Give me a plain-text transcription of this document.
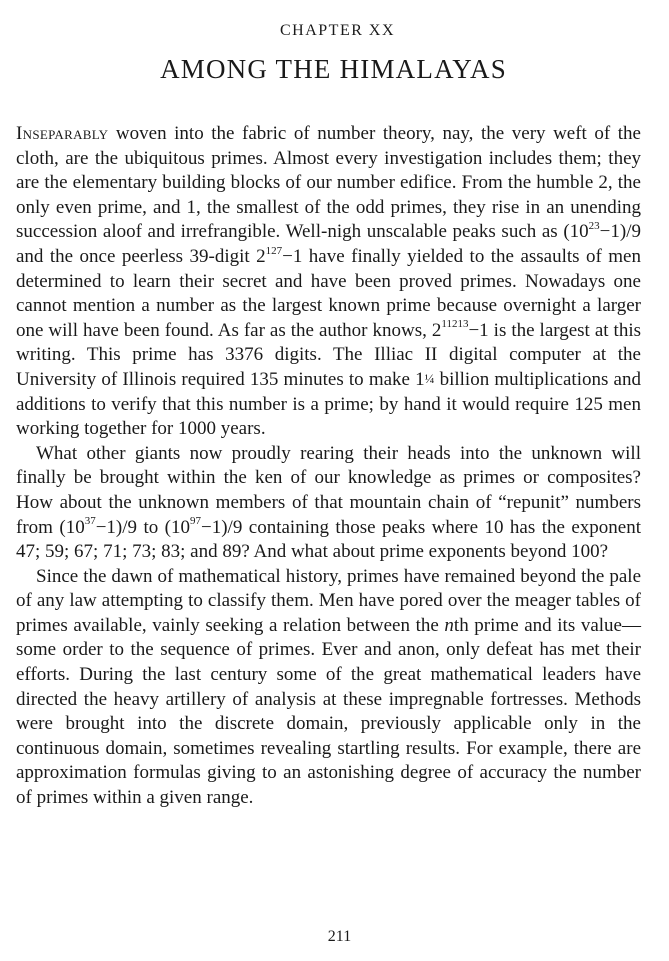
CHAPTER XX
AMONG THE HIMALAYAS

Inseparably woven into the fabric of number theory, nay, the very weft of the cloth, are the ubiquitous primes. Almost every investigation includes them; they are the elementary building blocks of our number edifice. From the humble 2, the only even prime, and 1, the smallest of the odd primes, they rise in an unending succession aloof and irrefrangible. Well-nigh unscalable peaks such as $(10^{23}-1)/9$ and the once peerless 39-digit $2^{127}-1$ have finally yielded to the assaults of men determined to learn their secret and have been proved primes. Nowadays one cannot mention a number as the largest known prime because overnight a larger one will have been found. As far as the author knows, $2^{11213}-1$ is the largest at this writing. This prime has 3376 digits. The Illiac II digital computer at the University of Illinois required 135 minutes to make 1¼ billion multiplications and additions to verify that this number is a prime; by hand it would require 125 men working together for 1000 years.

What other giants now proudly rearing their heads into the unknown will finally be brought within the ken of our knowledge as primes or composites? How about the unknown members of that mountain chain of “repunit” numbers from $(10^{37}-1)/9$ to $(10^{97}-1)/9$ containing those peaks where 10 has the exponent 47; 59; 67; 71; 73; 83; and 89? And what about prime exponents beyond 100?

Since the dawn of mathematical history, primes have remained beyond the pale of any law attempting to classify them. Men have pored over the meager tables of primes available, vainly seeking a relation between the nth prime and its value—some order to the sequence of primes. Ever and anon, only defeat has met their efforts. During the last century some of the great mathematical leaders have directed the heavy artillery of analysis at these impregnable fortresses. Methods were brought into the discrete domain, previously applicable only in the continuous domain, sometimes revealing startling results. For example, there are approximation formulas giving to an astonishing degree of accuracy the number of primes within a given range.

211
